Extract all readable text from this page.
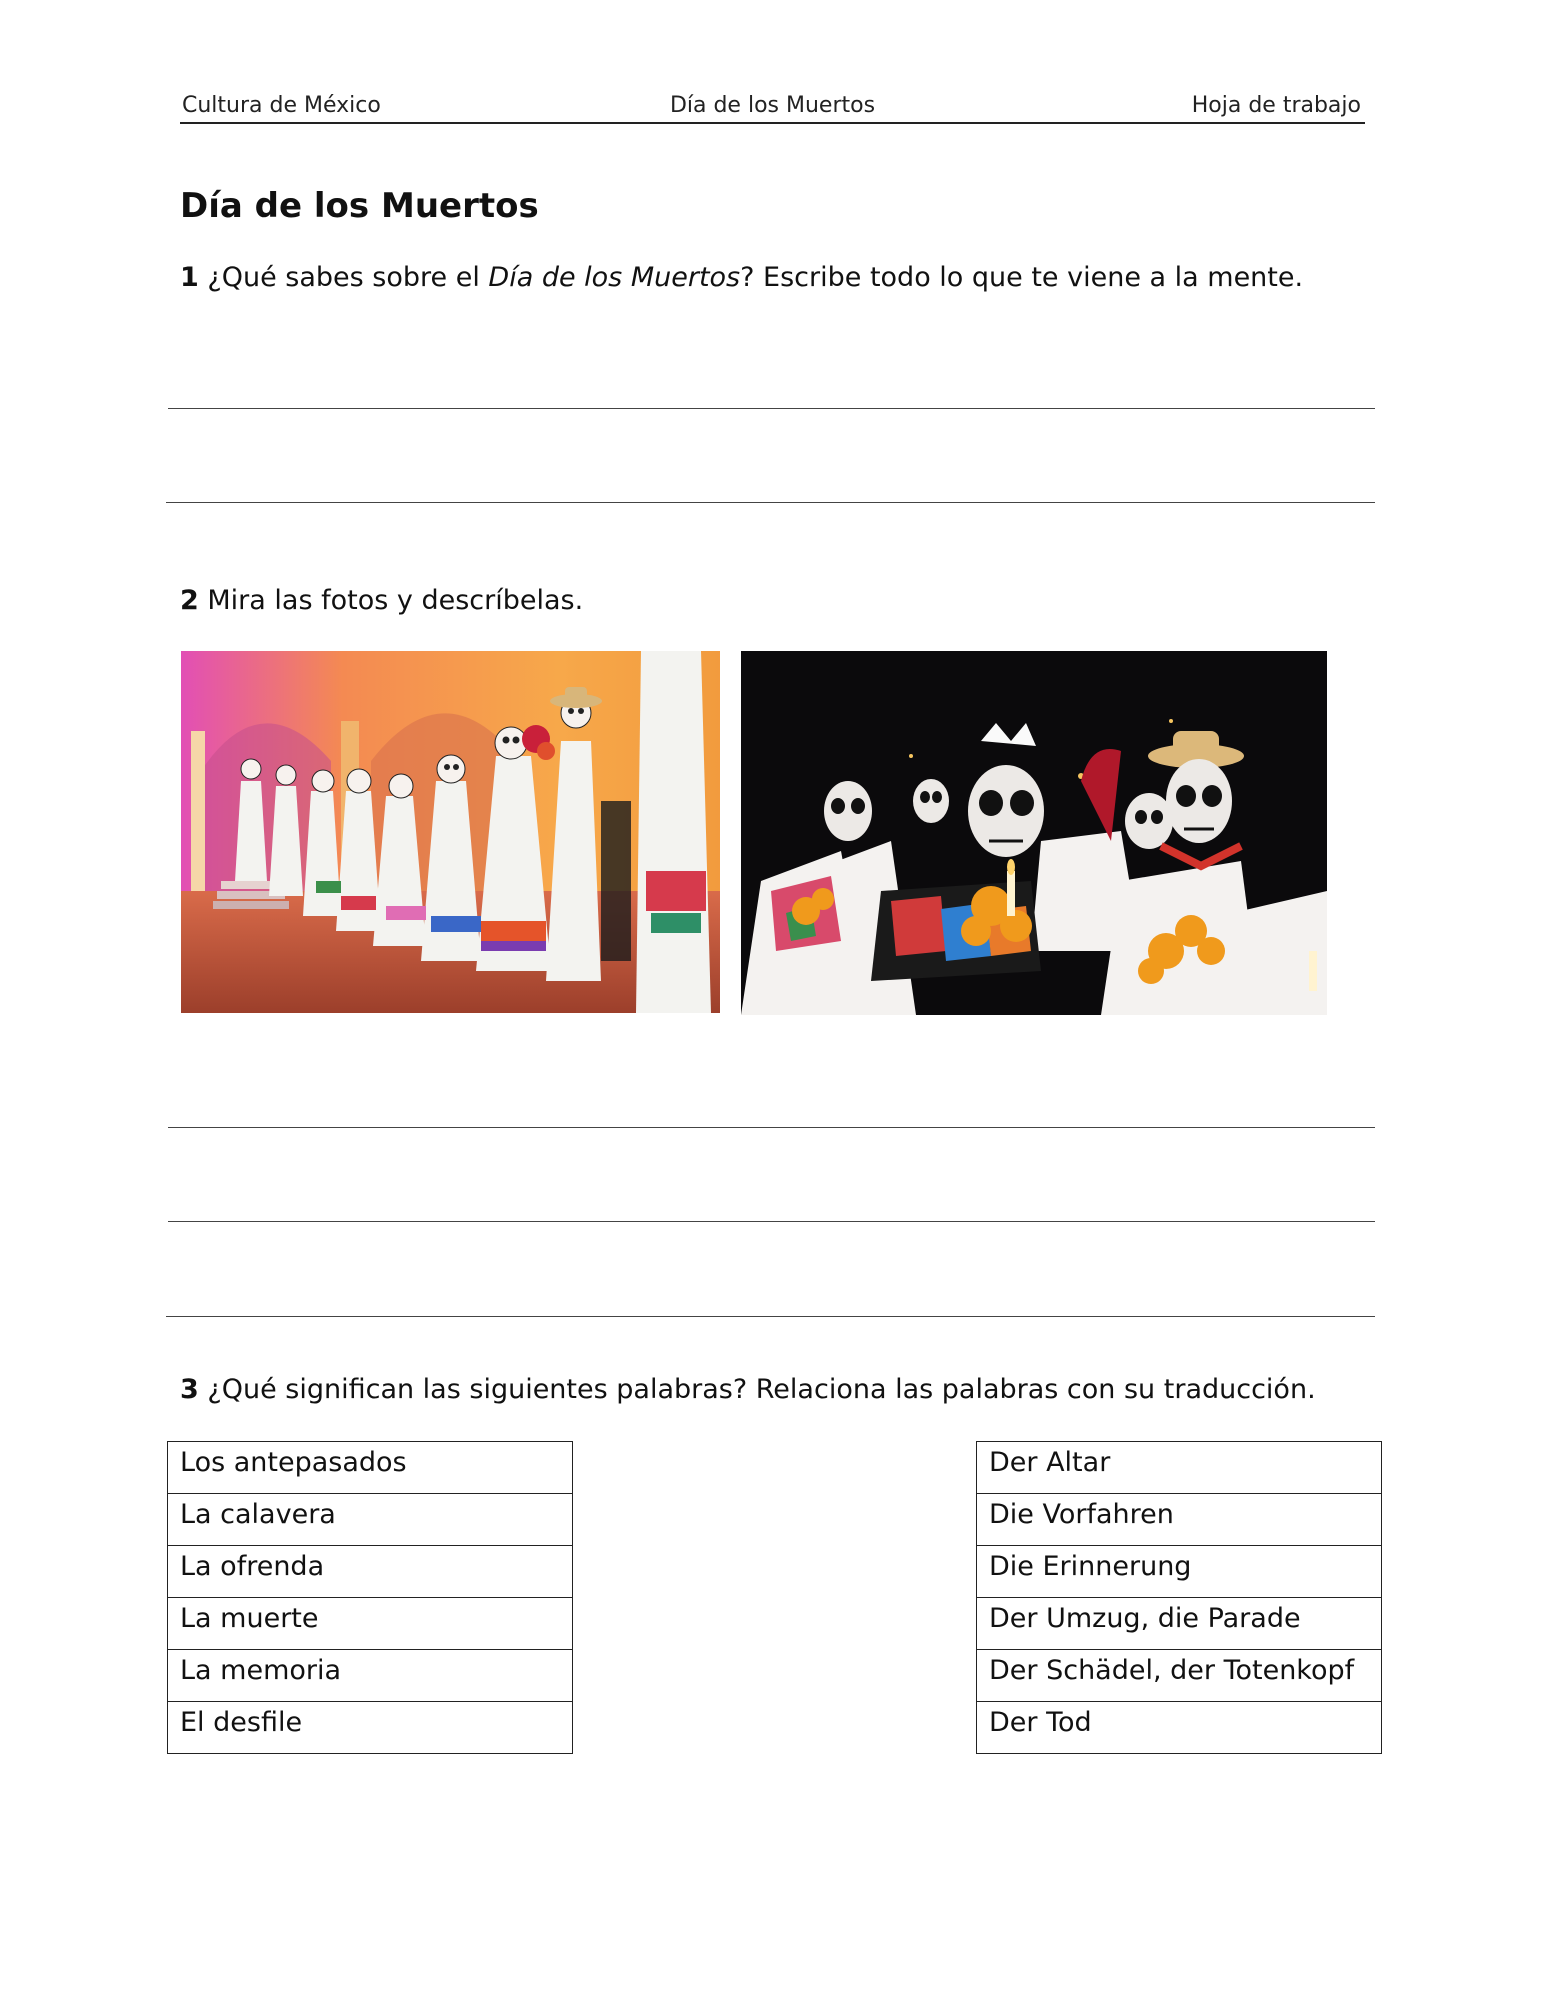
Cultura de México	Día de los Muertos	Hoja de trabajo
Día de los Muertos

1 ¿Qué sabes sobre el Día de los Muertos? Escribe todo lo que te viene a la mente.

2 Mira las fotos y descríbelas.

3 ¿Qué significan las siguientes palabras? Relaciona las palabras con su traducción.

Los antepasados
La calavera
La ofrenda
La muerte
La memoria
El desfile
Der Altar
Die Vorfahren
Die Erinnerung
Der Umzug, die Parade
Der Schädel, der Totenkopf
Der Tod
